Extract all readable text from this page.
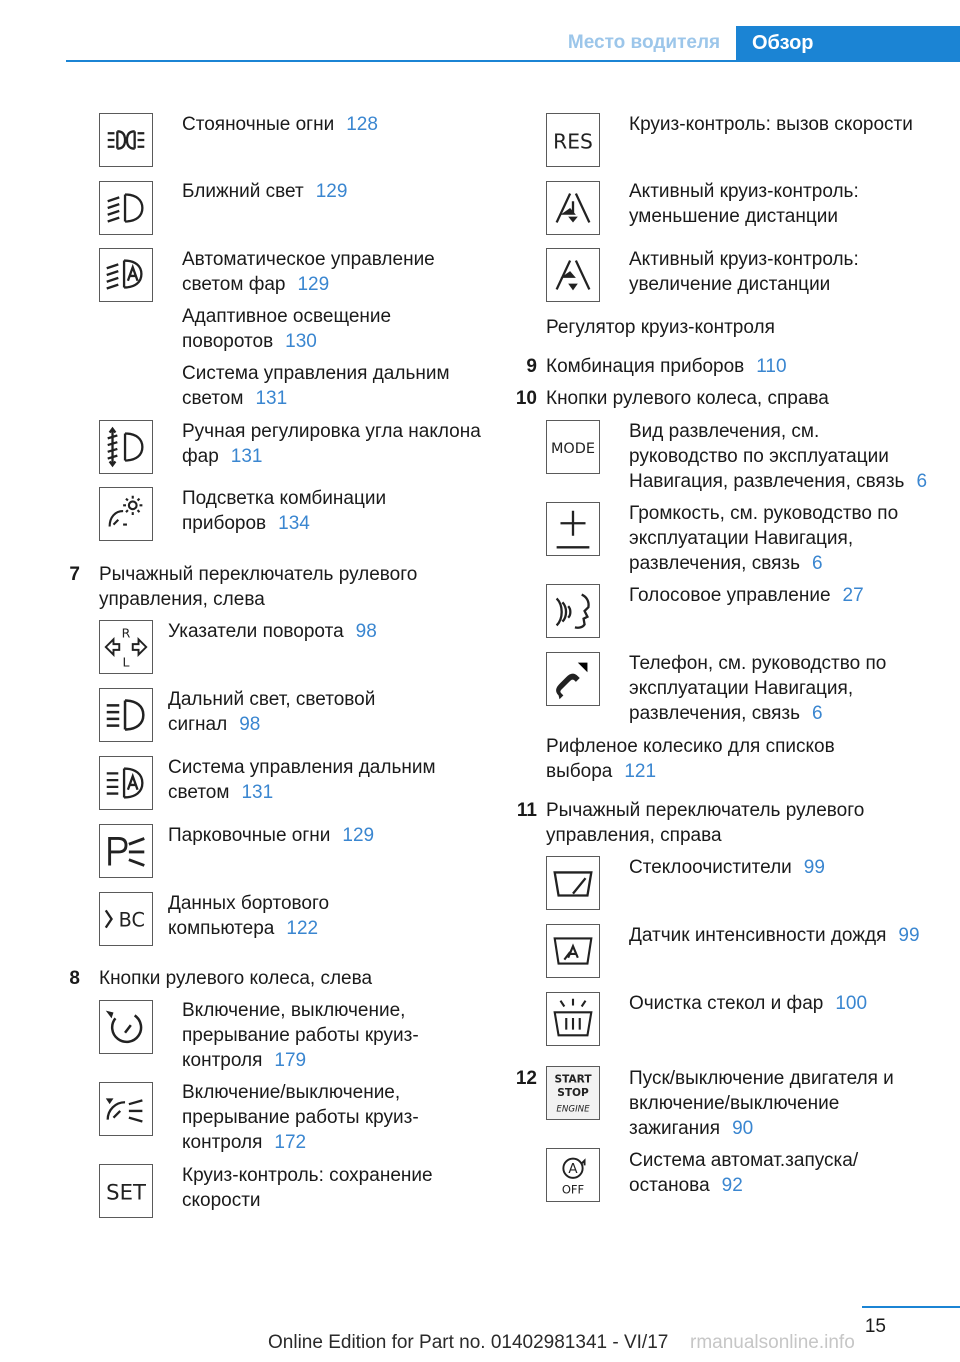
Место водителя	Обзор
Стояночные огни 128
Ближний свет 129
Автоматическое управление светом фар 129
Адаптивное освещение поворотов 130
Система управления дальним светом 131
Ручная регулировка угла наклона фар 131
Подсветка комбинации приборов 134
7 Рычажный переключатель рулевого управления, слева
R
L
Указатели поворота 98
Дальний свет, световой сигнал 98
Система управления дальним светом 131
Парковочные огни 129
BC
Данных бортового компьютера 122
8 Кнопки рулевого колеса, слева
Включение, выключение, прерывание работы круиз-контроля 179
Включение/выключение, прерывание работы круиз-контроля 172
SET
Круиз-контроль: сохранение скорости
RES
Круиз-контроль: вызов скорости
Активный круиз-контроль: уменьшение дистанции
Активный круиз-контроль: увеличение дистанции
Регулятор круиз-контроля
9 Комбинация приборов 110
10 Кнопки рулевого колеса, справа
MODE
Вид развлечения, см. руководство по эксплуатации Навигация, развлечения, связь 6
Громкость, см. руководство по эксплуатации Навигация, развлечения, связь 6
Голосовое управление 27
Телефон, см. руководство по эксплуатации Навигация, развлечения, связь 6
Рифленое колесико для списков выбора 121
11 Рычажный переключатель рулевого управления, справа
Стеклоочистители 99
Датчик интенсивности дождя 99
Очистка стекол и фар 100
12 START
STOP
ENGINE
Пуск/выключение двигателя и включение/выключение зажигания 90
A
OFF
Система автомат.запуска/останова 92
15
Online Edition for Part no. 01402981341 - VI/17 rmanualsonline.info
